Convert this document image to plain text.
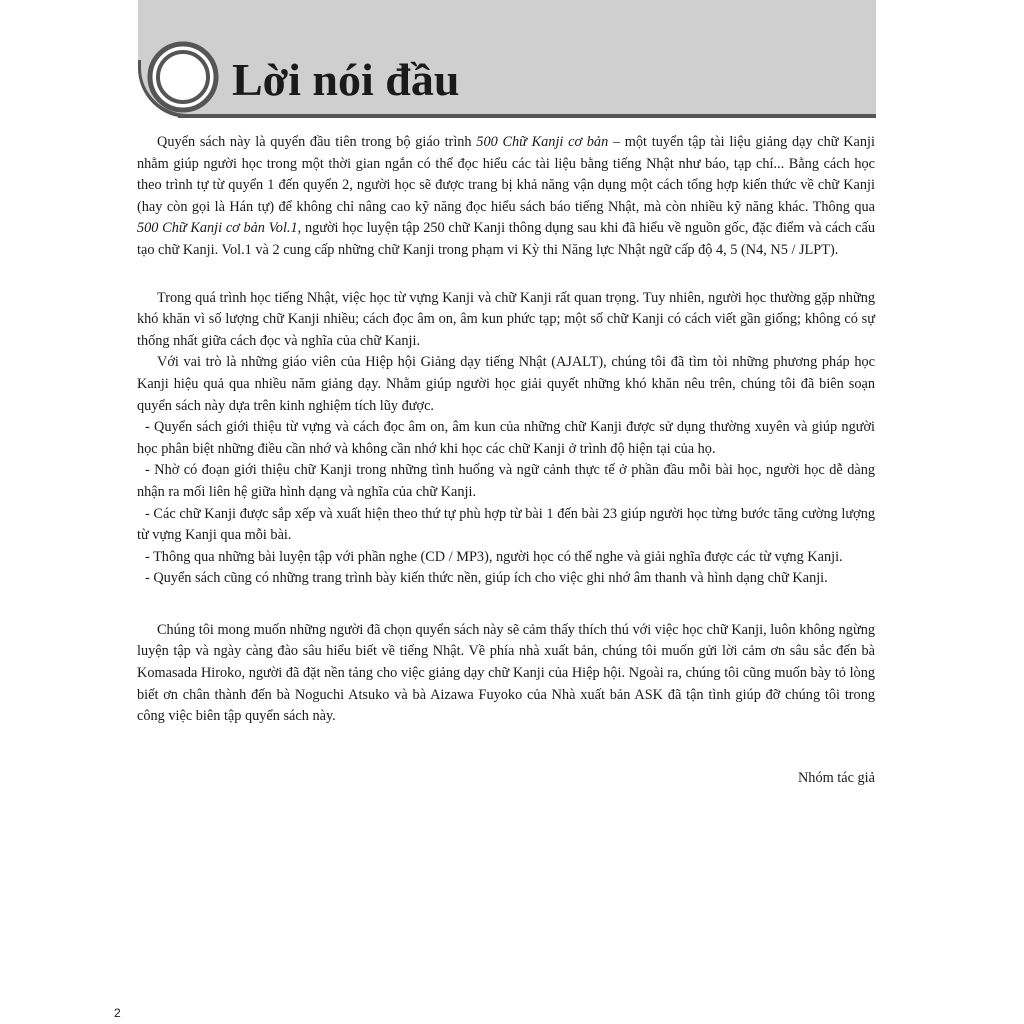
Lời nói đầu

Quyển sách này là quyển đầu tiên trong bộ giáo trình 500 Chữ Kanji cơ bản – một tuyển tập tài liệu giảng dạy chữ Kanji nhằm giúp người học trong một thời gian ngắn có thể đọc hiểu các tài liệu bằng tiếng Nhật như báo, tạp chí... Bằng cách học theo trình tự từ quyển 1 đến quyển 2, người học sẽ được trang bị khả năng vận dụng một cách tổng hợp kiến thức về chữ Kanji (hay còn gọi là Hán tự) để không chỉ nâng cao kỹ năng đọc hiểu sách báo tiếng Nhật, mà còn nhiều kỹ năng khác. Thông qua 500 Chữ Kanji cơ bản Vol.1, người học luyện tập 250 chữ Kanji thông dụng sau khi đã hiểu về nguồn gốc, đặc điểm và cách cấu tạo chữ Kanji. Vol.1 và 2 cung cấp những chữ Kanji trong phạm vi Kỳ thi Năng lực Nhật ngữ cấp độ 4, 5 (N4, N5 / JLPT).

Trong quá trình học tiếng Nhật, việc học từ vựng Kanji và chữ Kanji rất quan trọng. Tuy nhiên, người học thường gặp những khó khăn vì số lượng chữ Kanji nhiều; cách đọc âm on, âm kun phức tạp; một số chữ Kanji có cách viết gần giống; không có sự thống nhất giữa cách đọc và nghĩa của chữ Kanji.

Với vai trò là những giáo viên của Hiệp hội Giảng dạy tiếng Nhật (AJALT), chúng tôi đã tìm tòi những phương pháp học Kanji hiệu quả qua nhiều năm giảng dạy. Nhằm giúp người học giải quyết những khó khăn nêu trên, chúng tôi đã biên soạn quyển sách này dựa trên kinh nghiệm tích lũy được.

- Quyển sách giới thiệu từ vựng và cách đọc âm on, âm kun của những chữ Kanji được sử dụng thường xuyên và giúp người học phân biệt những điều cần nhớ và không cần nhớ khi học các chữ Kanji ở trình độ hiện tại của họ.

- Nhờ có đoạn giới thiệu chữ Kanji trong những tình huống và ngữ cảnh thực tế ở phần đầu mỗi bài học, người học dễ dàng nhận ra mối liên hệ giữa hình dạng và nghĩa của chữ Kanji.

- Các chữ Kanji được sắp xếp và xuất hiện theo thứ tự phù hợp từ bài 1 đến bài 23 giúp người học từng bước tăng cường lượng từ vựng Kanji qua mỗi bài.

- Thông qua những bài luyện tập với phần nghe (CD / MP3), người học có thể nghe và giải nghĩa được các từ vựng Kanji.

- Quyển sách cũng có những trang trình bày kiến thức nền, giúp ích cho việc ghi nhớ âm thanh và hình dạng chữ Kanji.

Chúng tôi mong muốn những người đã chọn quyển sách này sẽ cảm thấy thích thú với việc học chữ Kanji, luôn không ngừng luyện tập và ngày càng đào sâu hiểu biết về tiếng Nhật. Về phía nhà xuất bản, chúng tôi muốn gửi lời cảm ơn sâu sắc đến bà Komasada Hiroko, người đã đặt nền tảng cho việc giảng dạy chữ Kanji của Hiệp hội. Ngoài ra, chúng tôi cũng muốn bày tỏ lòng biết ơn chân thành đến bà Noguchi Atsuko và bà Aizawa Fuyoko của Nhà xuất bản ASK đã tận tình giúp đỡ chúng tôi trong công việc biên tập quyển sách này.

Nhóm tác giả

2
